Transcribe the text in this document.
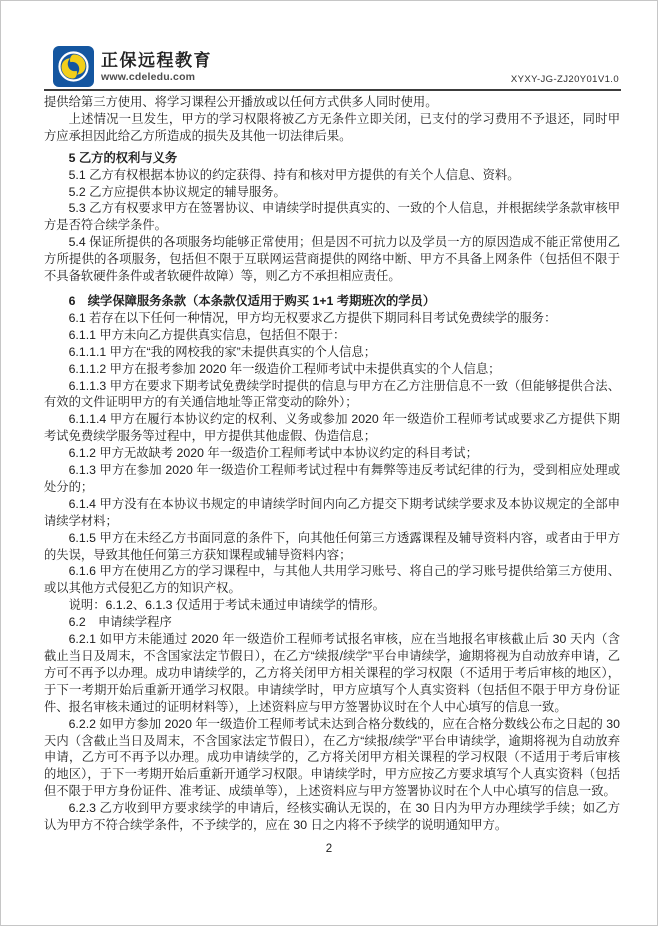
正保远程教育
www.cdeledu.com	XYXY-JG-ZJ20Y01V1.0
提供给第三方使用、将学习课程公开播放或以任何方式供多人同时使用。
上述情况一旦发生，甲方的学习权限将被乙方无条件立即关闭，已支付的学习费用不予退还，同时甲方应承担因此给乙方所造成的损失及其他一切法律后果。
5 乙方的权利与义务
5.1 乙方有权根据本协议的约定获得、持有和核对甲方提供的有关个人信息、资料。
5.2 乙方应提供本协议规定的辅导服务。
5.3 乙方有权要求甲方在签署协议、申请续学时提供真实的、一致的个人信息，并根据续学条款审核甲方是否符合续学条件。
5.4 保证所提供的各项服务均能够正常使用；但是因不可抗力以及学员一方的原因造成不能正常使用乙方所提供的各项服务，包括但不限于互联网运营商提供的网络中断、甲方不具备上网条件（包括但不限于不具备软硬件条件或者软硬件故障）等，则乙方不承担相应责任。
6　续学保障服务条款（本条款仅适用于购买 1+1 考期班次的学员）
6.1 若存在以下任何一种情况，甲方均无权要求乙方提供下期同科目考试免费续学的服务：
6.1.1 甲方未向乙方提供真实信息，包括但不限于：
6.1.1.1 甲方在“我的网校我的家”未提供真实的个人信息；
6.1.1.2 甲方在报考参加 2020 年一级造价工程师考试中未提供真实的个人信息；
6.1.1.3 甲方在要求下期考试免费续学时提供的信息与甲方在乙方注册信息不一致（但能够提供合法、有效的文件证明甲方的有关通信地址等正常变动的除外）；
6.1.1.4 甲方在履行本协议约定的权利、义务或参加 2020 年一级造价工程师考试或要求乙方提供下期考试免费续学服务等过程中，甲方提供其他虚假、伪造信息；
6.1.2 甲方无故缺考 2020 年一级造价工程师考试中本协议约定的科目考试；
6.1.3 甲方在参加 2020 年一级造价工程师考试过程中有舞弊等违反考试纪律的行为，受到相应处理或处分的；
6.1.4 甲方没有在本协议书规定的申请续学时间内向乙方提交下期考试续学要求及本协议规定的全部申请续学材料；
6.1.5 甲方在未经乙方书面同意的条件下，向其他任何第三方透露课程及辅导资料内容，或者由于甲方的失误，导致其他任何第三方获知课程或辅导资料内容；
6.1.6 甲方在使用乙方的学习课程中，与其他人共用学习账号、将自己的学习账号提供给第三方使用、或以其他方式侵犯乙方的知识产权。
说明：6.1.2、6.1.3 仅适用于考试未通过申请续学的情形。
6.2　申请续学程序
6.2.1 如甲方未能通过 2020 年一级造价工程师考试报名审核，应在当地报名审核截止后 30 天内（含截止当日及周末，不含国家法定节假日），在乙方“续报/续学”平台申请续学，逾期将视为自动放弃申请，乙方可不再予以办理。成功申请续学的，乙方将关闭甲方相关课程的学习权限（不适用于考后审核的地区），于下一考期开始后重新开通学习权限。申请续学时，甲方应填写个人真实资料（包括但不限于甲方身份证件、报名审核未通过的证明材料等），上述资料应与甲方签署协议时在个人中心填写的信息一致。
6.2.2 如甲方参加 2020 年一级造价工程师考试未达到合格分数线的，应在合格分数线公布之日起的 30 天内（含截止当日及周末，不含国家法定节假日），在乙方“续报/续学”平台申请续学，逾期将视为自动放弃申请，乙方可不再予以办理。成功申请续学的，乙方将关闭甲方相关课程的学习权限（不适用于考后审核的地区），于下一考期开始后重新开通学习权限。申请续学时，甲方应按乙方要求填写个人真实资料（包括但不限于甲方身份证件、准考证、成绩单等），上述资料应与甲方签署协议时在个人中心填写的信息一致。
6.2.3 乙方收到甲方要求续学的申请后，经核实确认无误的，在 30 日内为甲方办理续学手续；如乙方认为甲方不符合续学条件，不予续学的，应在 30 日之内将不予续学的说明通知甲方。
2
